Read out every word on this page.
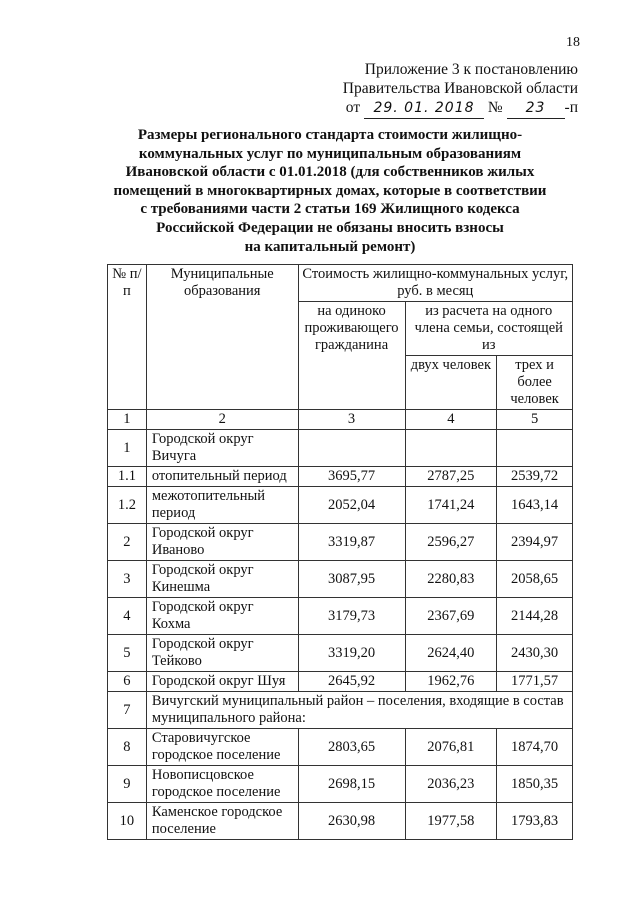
18
Приложение 3 к постановлению
Правительства Ивановской области
от 29. 01. 2018 № 23 -п
Размеры регионального стандарта стоимости жилищно-
коммунальных услуг по муниципальным образованиям
Ивановской области с 01.01.2018 (для собственников жилых
помещений в многоквартирных домах, которые в соответствии
с требованиями части 2 статьи 169 Жилищного кодекса
Российской Федерации не обязаны вносить взносы
на капитальный ремонт)
№ п/п	Муниципальные образования	Стоимость жилищно-коммунальных услуг, руб. в месяц		
		на одиноко проживающего гражданина	из расчета на одного члена семьи, состоящей из	
			двух человек	трех и более человек
1	2	3	4	5
1	Городской округ Вичуга			
1.1	отопительный период	3695,77	2787,25	2539,72
1.2	межотопительный период	2052,04	1741,24	1643,14
2	Городской округ Иваново	3319,87	2596,27	2394,97
3	Городской округ Кинешма	3087,95	2280,83	2058,65
4	Городской округ Кохма	3179,73	2367,69	2144,28
5	Городской округ Тейково	3319,20	2624,40	2430,30
6	Городской округ Шуя	2645,92	1962,76	1771,57
7	Вичугский муниципальный район – поселения, входящие в состав муниципального района:			
8	Старовичугское городское поселение	2803,65	2076,81	1874,70
9	Новописцовское городское поселение	2698,15	2036,23	1850,35
10	Каменское городское поселение	2630,98	1977,58	1793,83
